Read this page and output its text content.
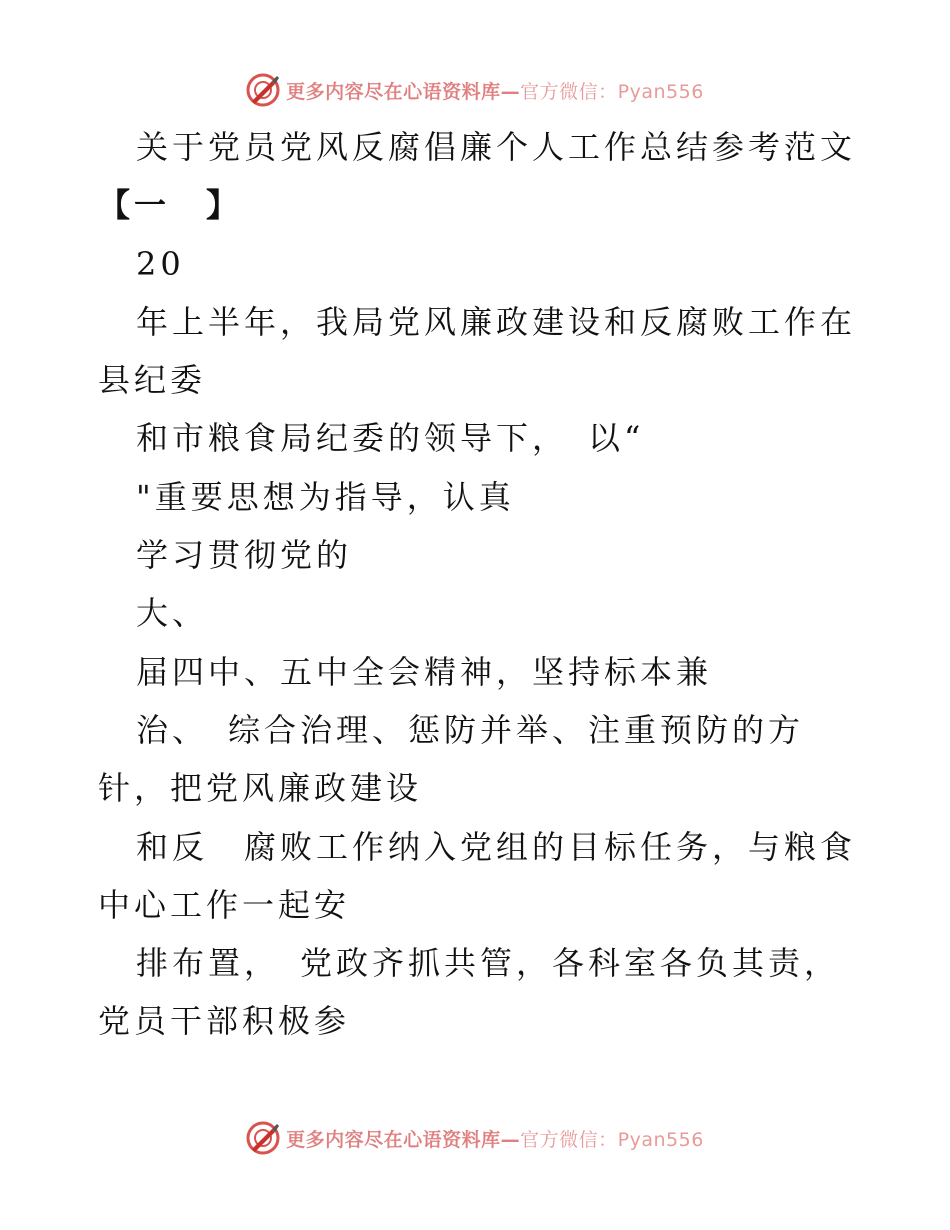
更多内容尽在心语资料库—官方微信：Pyan556

关于党员党风反腐倡廉个人工作总结参考范文

【一　】

20

年上半年，我局党风廉政建设和反腐败工作在县纪委

和市粮食局纪委的领导下，　以“

"重要思想为指导，认真

学习贯彻党的

大、

届四中、五中全会精神，坚持标本兼

治、　综合治理、惩防并举、注重预防的方针，把党风廉政建设

和反　腐败工作纳入党组的目标任务，与粮食中心工作一起安

排布置，　党政齐抓共管，各科室各负其责，党员干部积极参

更多内容尽在心语资料库—官方微信：Pyan556
